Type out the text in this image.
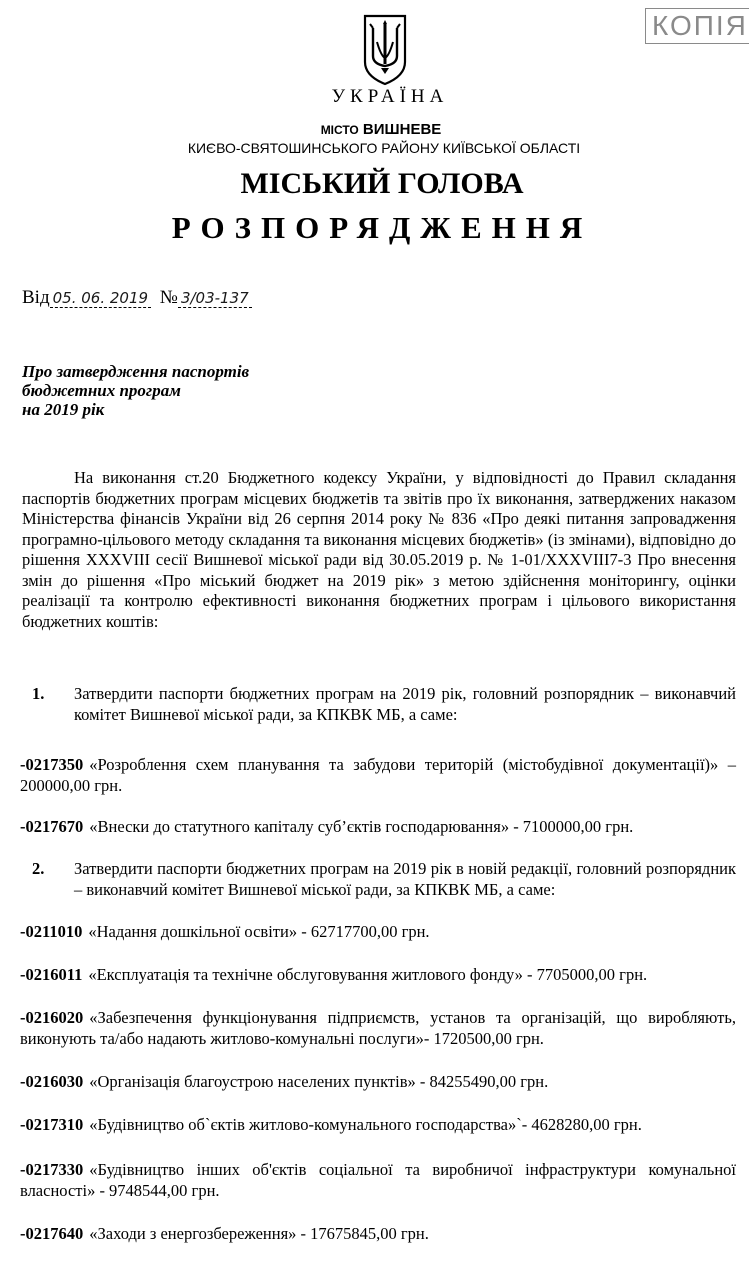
КОПІЯ
УКРАЇНА
МІСТО ВИШНЕВЕ
КИЄВО-СВЯТОШИНСЬКОГО РАЙОНУ КИЇВСЬКОЇ ОБЛАСТІ
МІСЬКИЙ ГОЛОВА
РОЗПОРЯДЖЕННЯ
Від 05. 06. 2019 № 3/03-137
Про затвердження паспортів
бюджетних програм
на 2019 рік
На виконання ст.20 Бюджетного кодексу України, у відповідності до Правил складання паспортів бюджетних програм місцевих бюджетів та звітів про їх виконання, затверджених наказом Міністерства фінансів України від 26 серпня 2014 року № 836 «Про деякі питання запровадження програмно-цільового методу складання та виконання місцевих бюджетів» (із змінами), відповідно до рішення XXXVIII сесії Вишневої міської ради від 30.05.2019 р. № 1-01/XXXVIII7-3 Про внесення змін до рішення «Про міський бюджет на 2019 рік» з метою здійснення моніторингу, оцінки реалізації та контролю ефективності виконання бюджетних програм і цільового використання бюджетних коштів:
1. Затвердити паспорти бюджетних програм на 2019 рік, головний розпорядник – виконавчий комітет Вишневої міської ради, за КПКВК МБ, а саме:
-0217350 «Розроблення схем планування та забудови територій (містобудівної документації)» – 200000,00 грн.
-0217670 «Внески до статутного капіталу суб’єктів господарювання» - 7100000,00 грн.
2. Затвердити паспорти бюджетних програм на 2019 рік в новій редакції, головний розпорядник – виконавчий комітет Вишневої міської ради, за КПКВК МБ, а саме:
-0211010 «Надання дошкільної освіти» - 62717700,00 грн.
-0216011 «Експлуатація та технічне обслуговування житлового фонду» - 7705000,00 грн.
-0216020 «Забезпечення функціонування підприємств, установ та організацій, що виробляють, виконують та/або надають житлово-комунальні послуги»- 1720500,00 грн.
-0216030 «Організація благоустрою населених пунктів» - 84255490,00 грн.
-0217310 «Будівництво об`єктів житлово-комунального господарства»`- 4628280,00 грн.
-0217330 «Будівництво інших об'єктів соціальної та виробничої інфраструктури комунальної власності» - 9748544,00 грн.
-0217640 «Заходи з енергозбереження» - 17675845,00 грн.
